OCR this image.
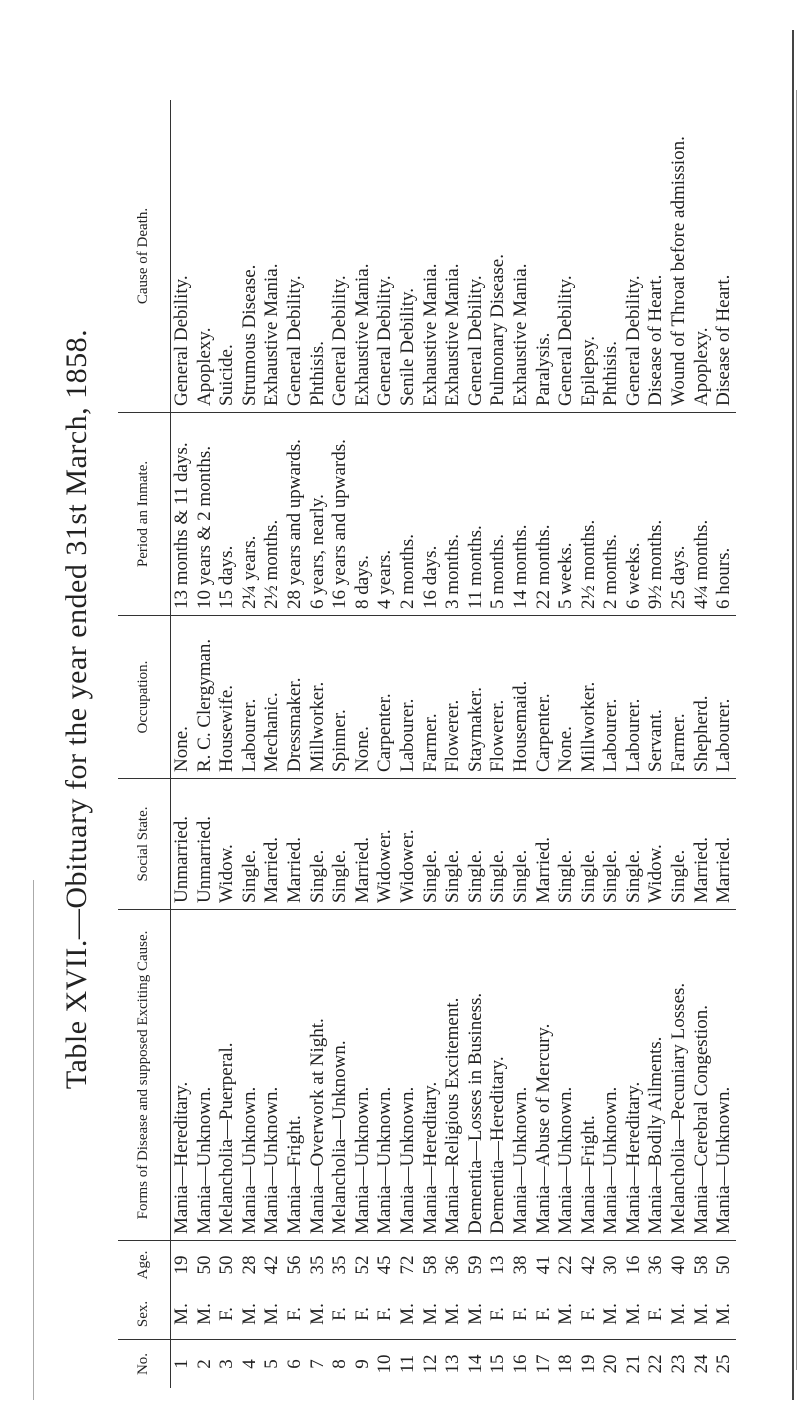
Table XVII.—Obituary for the year ended 31st March, 1858.
No.	Sex.	Age.	Forms of Disease and supposed Exciting Cause.	Social State.	Occupation.	Period an Inmate.	Cause of Death.
1	M.	19	Mania—Hereditary.	Unmarried.	None.	13 months & 11 days.	General Debility.
2	M.	50	Mania—Unknown.	Unmarried.	R. C. Clergyman.	10 years & 2 months.	Apoplexy.
3	F.	50	Melancholia—Puerperal.	Widow.	Housewife.	15 days.	Suicide.
4	M.	28	Mania—Unknown.	Single.	Labourer.	2¼ years.	Strumous Disease.
5	M.	42	Mania—Unknown.	Married.	Mechanic.	2½ months.	Exhaustive Mania.
6	F.	56	Mania—Fright.	Married.	Dressmaker.	28 years and upwards.	General Debility.
7	M.	35	Mania—Overwork at Night.	Single.	Millworker.	6 years, nearly.	Phthisis.
8	F.	35	Melancholia—Unknown.	Single.	Spinner.	16 years and upwards.	General Debility.
9	F.	52	Mania—Unknown.	Married.	None.	8 days.	Exhaustive Mania.
10	F.	45	Mania—Unknown.	Widower.	Carpenter.	4 years.	General Debility.
11	M.	72	Mania—Unknown.	Widower.	Labourer.	2 months.	Senile Debility.
12	M.	58	Mania—Hereditary.	Single.	Farmer.	16 days.	Exhaustive Mania.
13	M.	36	Mania—Religious Excitement.	Single.	Flowerer.	3 months.	Exhaustive Mania.
14	M.	59	Dementia—Losses in Business.	Single.	Staymaker.	11 months.	General Debility.
15	F.	13	Dementia—Hereditary.	Single.	Flowerer.	5 months.	Pulmonary Disease.
16	F.	38	Mania—Unknown.	Single.	Housemaid.	14 months.	Exhaustive Mania.
17	F.	41	Mania—Abuse of Mercury.	Married.	Carpenter.	22 months.	Paralysis.
18	M.	22	Mania—Unknown.	Single.	None.	5 weeks.	General Debility.
19	F.	42	Mania—Fright.	Single.	Millworker.	2½ months.	Epilepsy.
20	M.	30	Mania—Unknown.	Single.	Labourer.	2 months.	Phthisis.
21	M.	16	Mania—Hereditary.	Single.	Labourer.	6 weeks.	General Debility.
22	F.	36	Mania—Bodily Ailments.	Widow.	Servant.	9½ months.	Disease of Heart.
23	M.	40	Melancholia—Pecuniary Losses.	Single.	Farmer.	25 days.	Wound of Throat before admission.
24	M.	58	Mania—Cerebral Congestion.	Married.	Shepherd.	4¼ months.	Apoplexy.
25	M.	50	Mania—Unknown.	Married.	Labourer.	6 hours.	Disease of Heart.
